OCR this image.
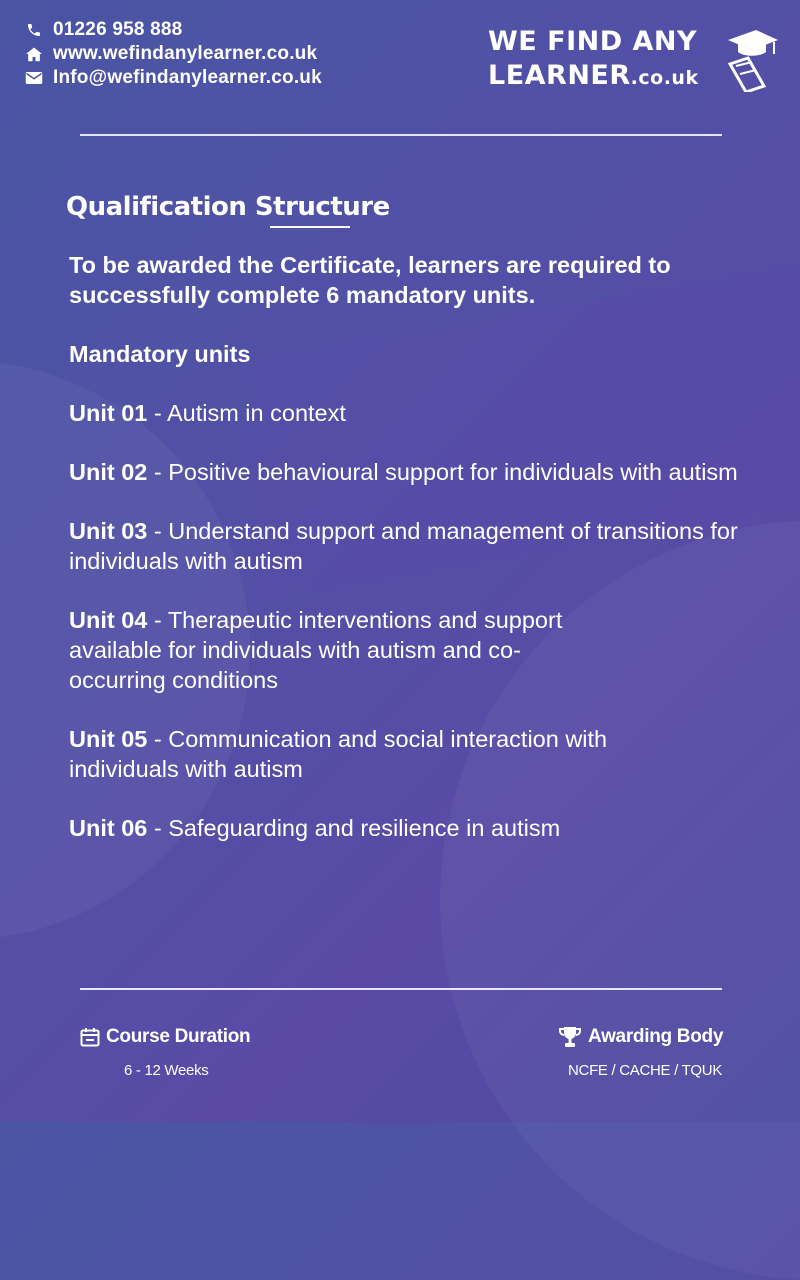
01226 958 888
www.wefindanylearner.co.uk
Info@wefindanylearner.co.uk
WE FIND ANY
LEARNER.co.uk
Qualification Structure

To be awarded the Certificate, learners are required to successfully complete 6 mandatory units.

Mandatory units

Unit 01 - Autism in context

Unit 02 - Positive behavioural support for individuals with autism

Unit 03 - Understand support and management of transitions for individuals with autism

Unit 04 - Therapeutic interventions and support available for individuals with autism and co-occurring conditions

Unit 05 - Communication and social interaction with individuals with autism

Unit 06 - Safeguarding and resilience in autism

Course Duration
6 - 12 Weeks
Awarding Body
NCFE / CACHE / TQUK
